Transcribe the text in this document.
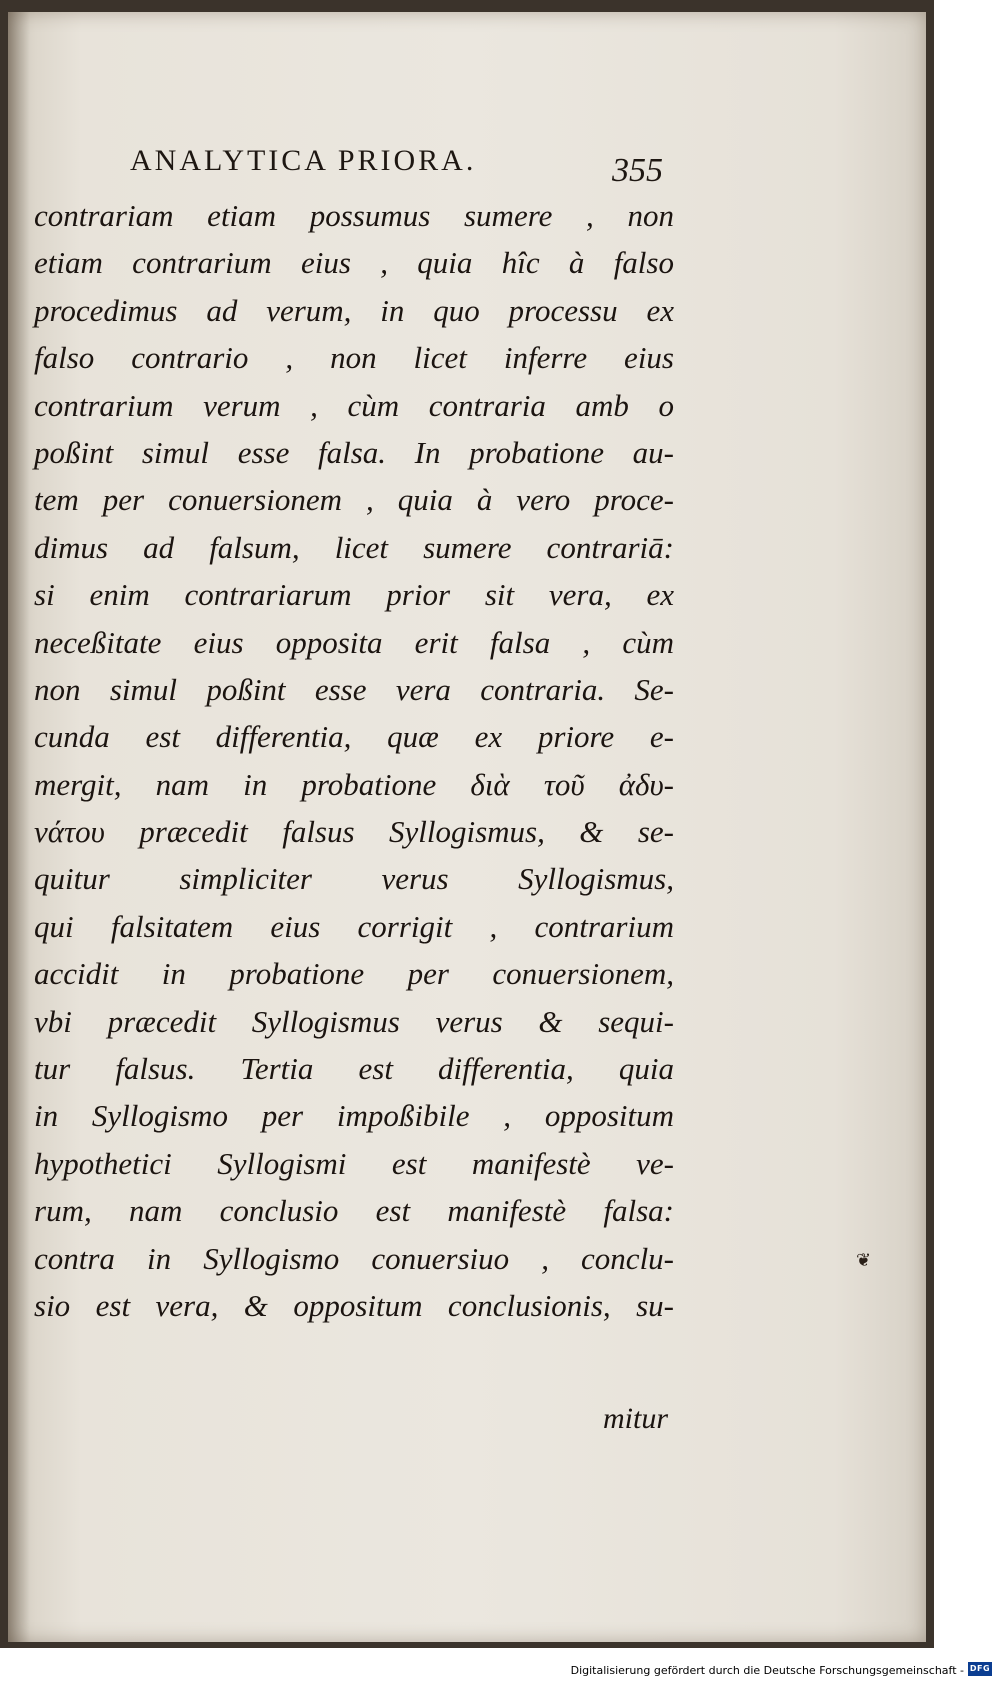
ANALYTICA PRIORA.	355
contrariam etiam possumus sumere , non
etiam contrarium eius , quia hîc à falso
procedimus ad verum, in quo processu ex
falso contrario , non licet inferre eius
contrarium verum , cùm contraria amb o
poßint simul esse falsa. In probatione au-
tem per conuersionem , quia à vero proce-
dimus ad falsum, licet sumere contrariā:
si enim contrariarum prior sit vera, ex
neceßitate eius opposita erit falsa , cùm
non simul poßint esse vera contraria. Se-
cunda est differentia, quæ ex priore e-
mergit, nam in probatione διὰ τοῦ ἀδυ-
νάτου præcedit falsus Syllogismus, & se-
quitur simpliciter verus Syllogismus,
qui falsitatem eius corrigit , contrarium
accidit in probatione per conuersionem,
vbi præcedit Syllogismus verus & sequi-
tur falsus. Tertia est differentia, quia
in Syllogismo per impoßibile , oppositum
hypothetici Syllogismi est manifestè ve-
rum, nam conclusio est manifestè falsa:
contra in Syllogismo conuersiuo , conclu-
sio est vera, & oppositum conclusionis, su-
mitur
❦
Digitalisierung gefördert durch die Deutsche Forschungsgemeinschaft - DFG
